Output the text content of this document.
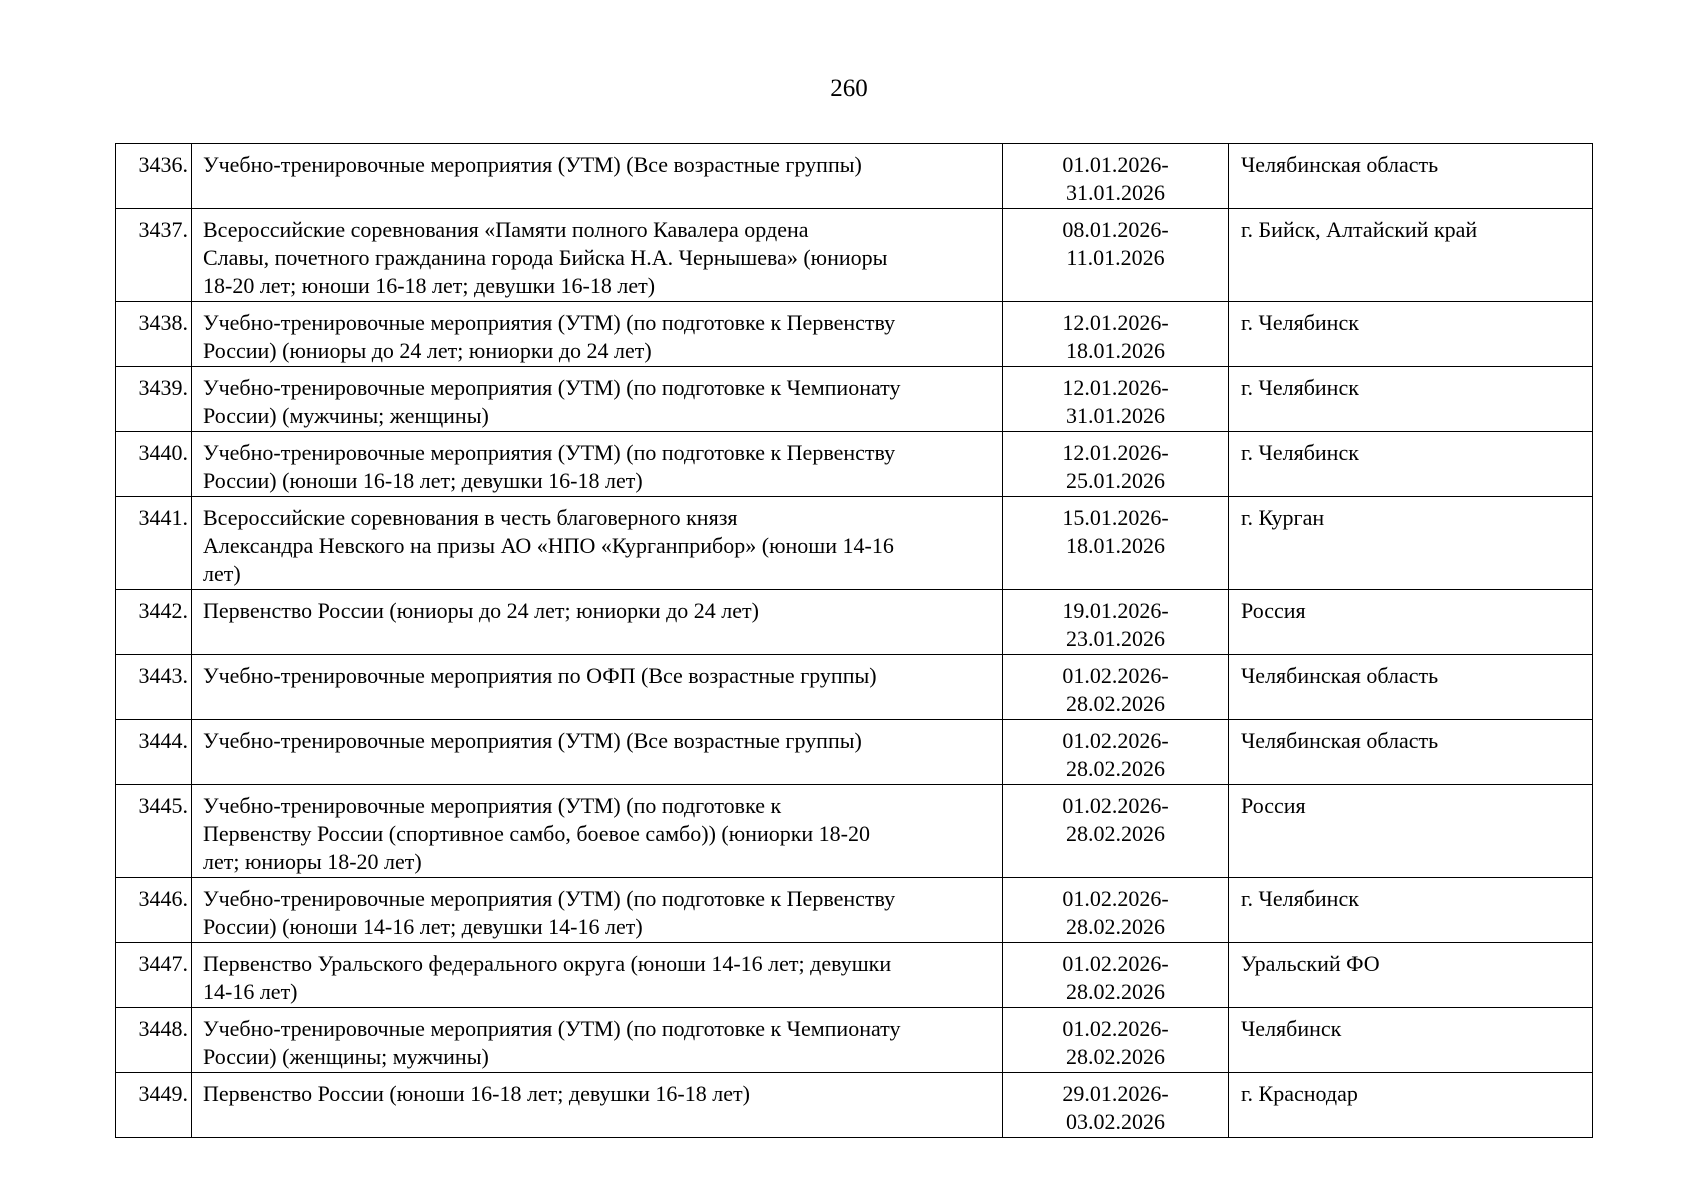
260
3436.	Учебно-тренировочные мероприятия (УТМ) (Все возрастные группы)	01.01.2026-
31.01.2026	Челябинская область
3437.	Всероссийские соревнования «Памяти полного Кавалера ордена
Славы, почетного гражданина города Бийска Н.А. Чернышева» (юниоры
18-20 лет; юноши 16-18 лет; девушки 16-18 лет)	08.01.2026-
11.01.2026	г. Бийск, Алтайский край
3438.	Учебно-тренировочные мероприятия (УТМ) (по подготовке к Первенству
России) (юниоры до 24 лет; юниорки до 24 лет)	12.01.2026-
18.01.2026	г. Челябинск
3439.	Учебно-тренировочные мероприятия (УТМ) (по подготовке к Чемпионату
России) (мужчины; женщины)	12.01.2026-
31.01.2026	г. Челябинск
3440.	Учебно-тренировочные мероприятия (УТМ) (по подготовке к Первенству
России) (юноши 16-18 лет; девушки 16-18 лет)	12.01.2026-
25.01.2026	г. Челябинск
3441.	Всероссийские соревнования в честь благоверного князя
Александра Невского на призы АО «НПО «Курганприбор» (юноши 14-16
лет)	15.01.2026-
18.01.2026	г. Курган
3442.	Первенство России (юниоры до 24 лет; юниорки до 24 лет)	19.01.2026-
23.01.2026	Россия
3443.	Учебно-тренировочные мероприятия по ОФП (Все возрастные группы)	01.02.2026-
28.02.2026	Челябинская область
3444.	Учебно-тренировочные мероприятия (УТМ) (Все возрастные группы)	01.02.2026-
28.02.2026	Челябинская область
3445.	Учебно-тренировочные мероприятия (УТМ) (по подготовке к
Первенству России (спортивное самбо, боевое самбо)) (юниорки 18-20
лет; юниоры 18-20 лет)	01.02.2026-
28.02.2026	Россия
3446.	Учебно-тренировочные мероприятия (УТМ) (по подготовке к Первенству
России) (юноши 14-16 лет; девушки 14-16 лет)	01.02.2026-
28.02.2026	г. Челябинск
3447.	Первенство Уральского федерального округа (юноши 14-16 лет; девушки
14-16 лет)	01.02.2026-
28.02.2026	Уральский ФО
3448.	Учебно-тренировочные мероприятия (УТМ) (по подготовке к Чемпионату
России) (женщины; мужчины)	01.02.2026-
28.02.2026	Челябинск
3449.	Первенство России (юноши 16-18 лет; девушки 16-18 лет)	29.01.2026-
03.02.2026	г. Краснодар
